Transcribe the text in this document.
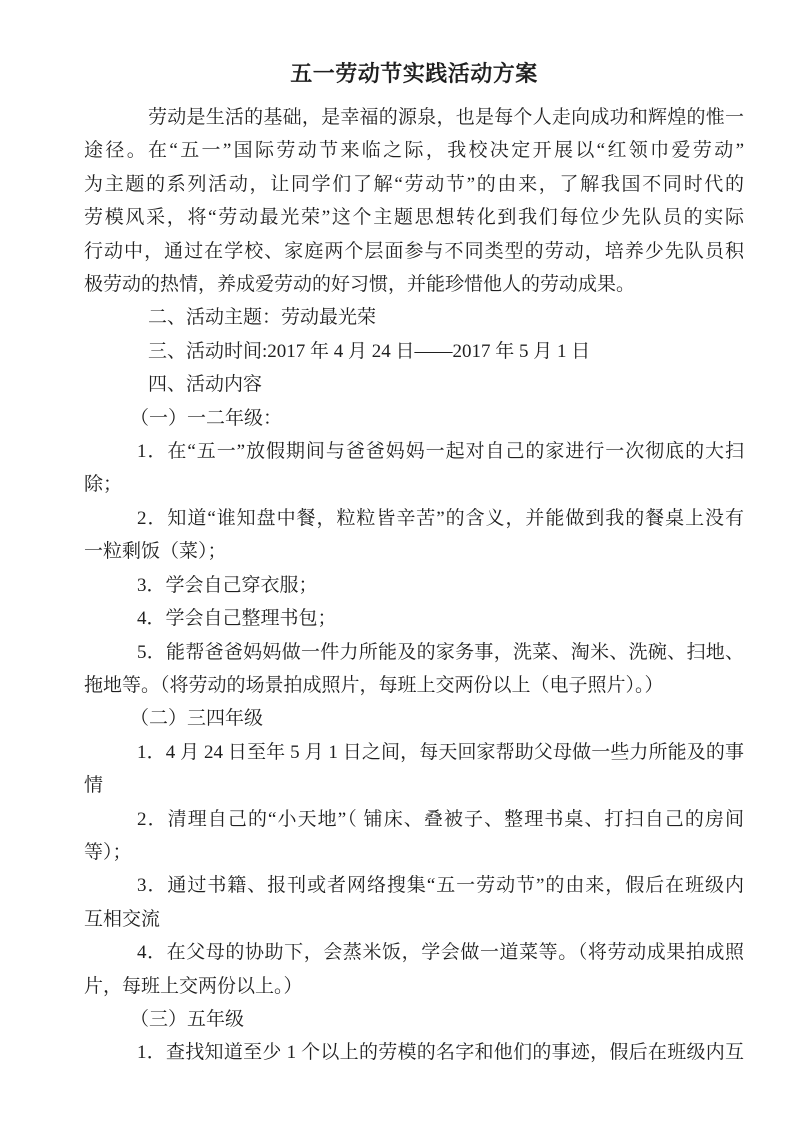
五一劳动节实践活动方案
劳动是生活的基础，是幸福的源泉，也是每个人走向成功和辉煌的惟一
途径。在“五一”国际劳动节来临之际，我校决定开展以“红领巾爱劳动”
为主题的系列活动，让同学们了解“劳动节”的由来，了解我国不同时代的
劳模风采，将“劳动最光荣”这个主题思想转化到我们每位少先队员的实际
行动中，通过在学校、家庭两个层面参与不同类型的劳动，培养少先队员积
极劳动的热情，养成爱劳动的好习惯，并能珍惜他人的劳动成果。
二、活动主题：劳动最光荣
三、活动时间:2017 年 4 月 24 日——2017 年 5 月 1 日
四、活动内容
（一）一二年级：
1．在“五一”放假期间与爸爸妈妈一起对自己的家进行一次彻底的大扫
除；
2．知道“谁知盘中餐，粒粒皆辛苦”的含义，并能做到我的餐桌上没有
一粒剩饭（菜）；
3．学会自己穿衣服；
4．学会自己整理书包；
5．能帮爸爸妈妈做一件力所能及的家务事，洗菜、淘米、洗碗、扫地、
拖地等。（将劳动的场景拍成照片，每班上交两份以上（电子照片）。）
（二）三四年级
1．4 月 24 日至年 5 月 1 日之间，每天回家帮助父母做一些力所能及的事
情
2．清理自己的“小天地”（ 铺床、叠被子、整理书桌、打扫自己的房间
等）；
3．通过书籍、报刊或者网络搜集“五一劳动节”的由来，假后在班级内
互相交流
4．在父母的协助下，会蒸米饭，学会做一道菜等。（将劳动成果拍成照
片，每班上交两份以上。）
（三）五年级
1．查找知道至少 1 个以上的劳模的名字和他们的事迹，假后在班级内互
